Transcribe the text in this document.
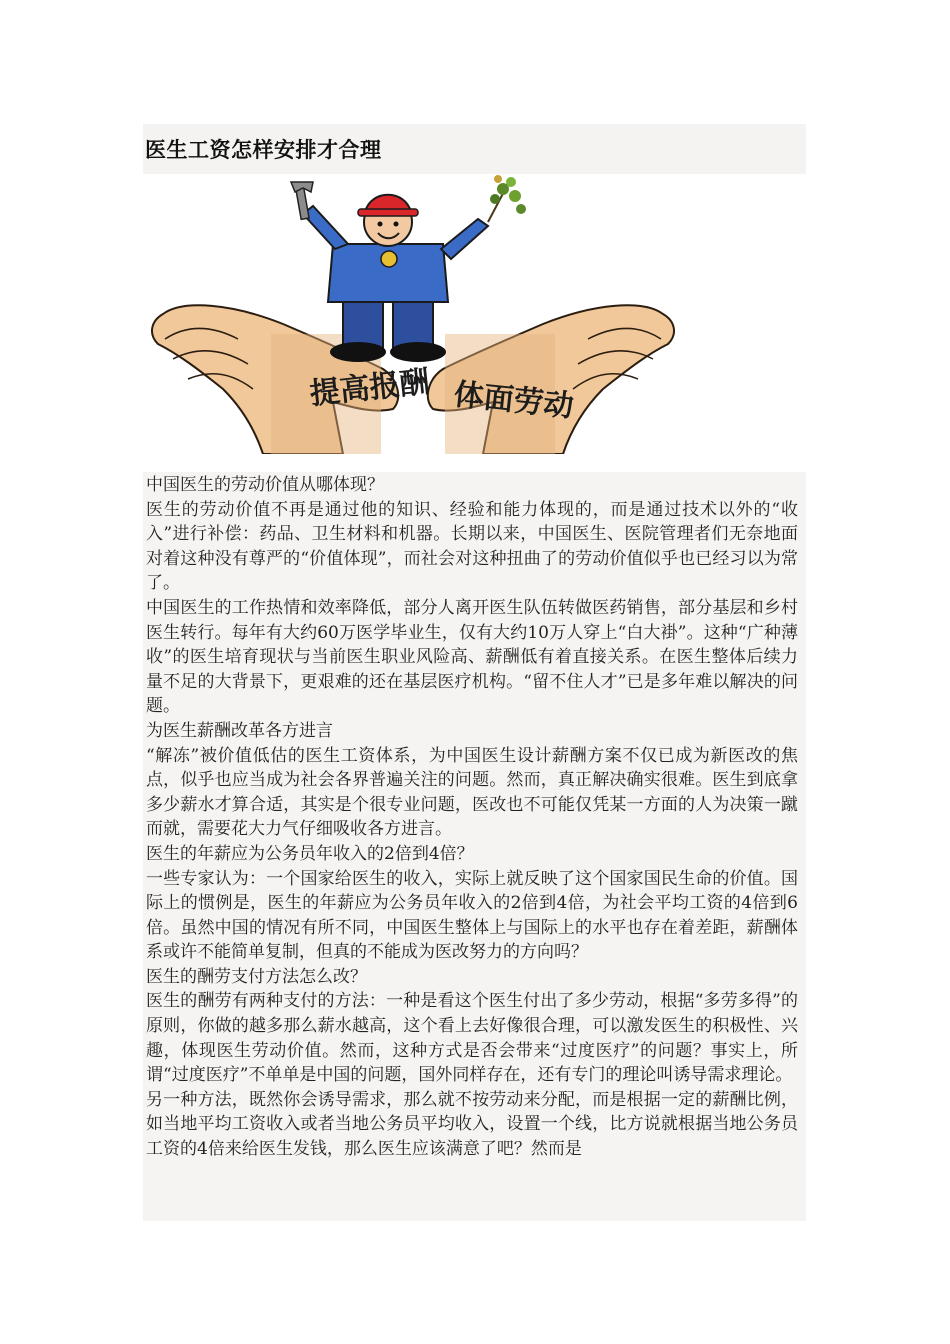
医生工资怎样安排才合理
提高报酬 体面劳动

中国医生的劳动价值从哪体现？

医生的劳动价值不再是通过他的知识、经验和能力体现的，而是通过技术以外的“收入”进行补偿：药品、卫生材料和机器。长期以来，中国医生、医院管理者们无奈地面对着这种没有尊严的“价值体现”，而社会对这种扭曲了的劳动价值似乎也已经习以为常了。

中国医生的工作热情和效率降低，部分人离开医生队伍转做医药销售，部分基层和乡村医生转行。每年有大约60万医学毕业生，仅有大约10万人穿上“白大褂”。这种“广种薄收”的医生培育现状与当前医生职业风险高、薪酬低有着直接关系。在医生整体后续力量不足的大背景下，更艰难的还在基层医疗机构。“留不住人才”已是多年难以解决的问题。

为医生薪酬改革各方进言

“解冻”被价值低估的医生工资体系，为中国医生设计薪酬方案不仅已成为新医改的焦点，似乎也应当成为社会各界普遍关注的问题。然而，真正解决确实很难。医生到底拿多少薪水才算合适，其实是个很专业问题，医改也不可能仅凭某一方面的人为决策一蹴而就，需要花大力气仔细吸收各方进言。

医生的年薪应为公务员年收入的2倍到4倍？

一些专家认为：一个国家给医生的收入，实际上就反映了这个国家国民生命的价值。国际上的惯例是，医生的年薪应为公务员年收入的2倍到4倍，为社会平均工资的4倍到6倍。虽然中国的情况有所不同，中国医生整体上与国际上的水平也存在着差距，薪酬体系或许不能简单复制，但真的不能成为医改努力的方向吗？

医生的酬劳支付方法怎么改？

医生的酬劳有两种支付的方法：一种是看这个医生付出了多少劳动，根据“多劳多得”的原则，你做的越多那么薪水越高，这个看上去好像很合理，可以激发医生的积极性、兴趣，体现医生劳动价值。然而，这种方式是否会带来“过度医疗”的问题？事实上，所谓“过度医疗”不单单是中国的问题，国外同样存在，还有专门的理论叫诱导需求理论。

另一种方法，既然你会诱导需求，那么就不按劳动来分配，而是根据一定的薪酬比例，如当地平均工资收入或者当地公务员平均收入，设置一个线，比方说就根据当地公务员工资的4倍来给医生发钱，那么医生应该满意了吧？然而是
